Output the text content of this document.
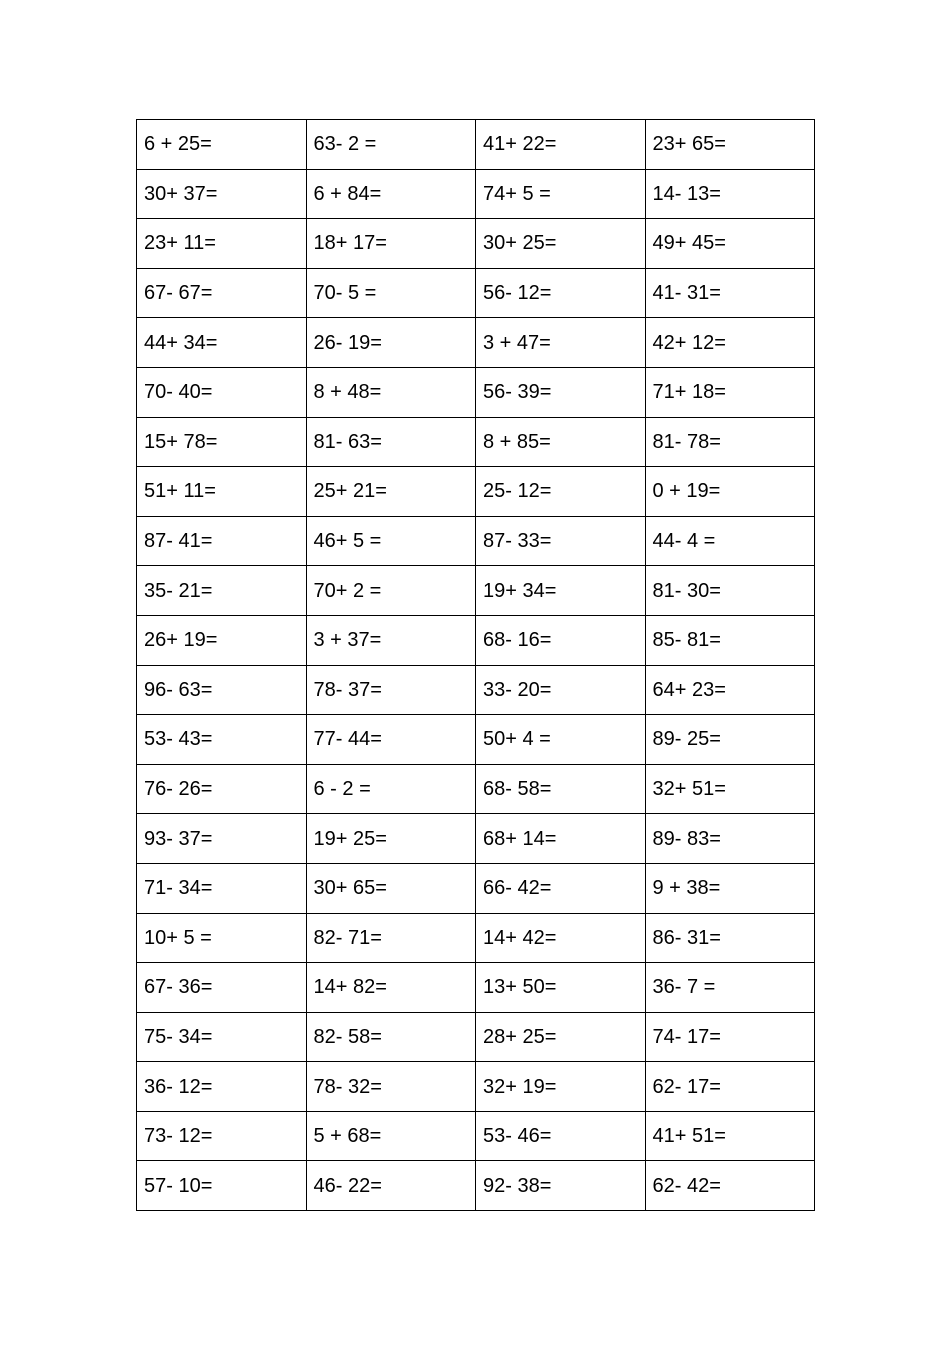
6 + 25=	63- 2 =	41+ 22=	23+ 65=
30+ 37=	6 + 84=	74+ 5 =	14- 13=
23+ 11=	18+ 17=	30+ 25=	49+ 45=
67- 67=	70- 5 =	56- 12=	41- 31=
44+ 34=	26- 19=	3 + 47=	42+ 12=
70- 40=	8 + 48=	56- 39=	71+ 18=
15+ 78=	81- 63=	8 + 85=	81- 78=
51+ 11=	25+ 21=	25- 12=	0 + 19=
87- 41=	46+ 5 =	87- 33=	44- 4 =
35- 21=	70+ 2 =	19+ 34=	81- 30=
26+ 19=	3 + 37=	68- 16=	85- 81=
96- 63=	78- 37=	33- 20=	64+ 23=
53- 43=	77- 44=	50+ 4 =	89- 25=
76- 26=	6 - 2 =	68- 58=	32+ 51=
93- 37=	19+ 25=	68+ 14=	89- 83=
71- 34=	30+ 65=	66- 42=	9 + 38=
10+ 5 =	82- 71=	14+ 42=	86- 31=
67- 36=	14+ 82=	13+ 50=	36- 7 =
75- 34=	82- 58=	28+ 25=	74- 17=
36- 12=	78- 32=	32+ 19=	62- 17=
73- 12=	5 + 68=	53- 46=	41+ 51=
57- 10=	46- 22=	92- 38=	62- 42=
